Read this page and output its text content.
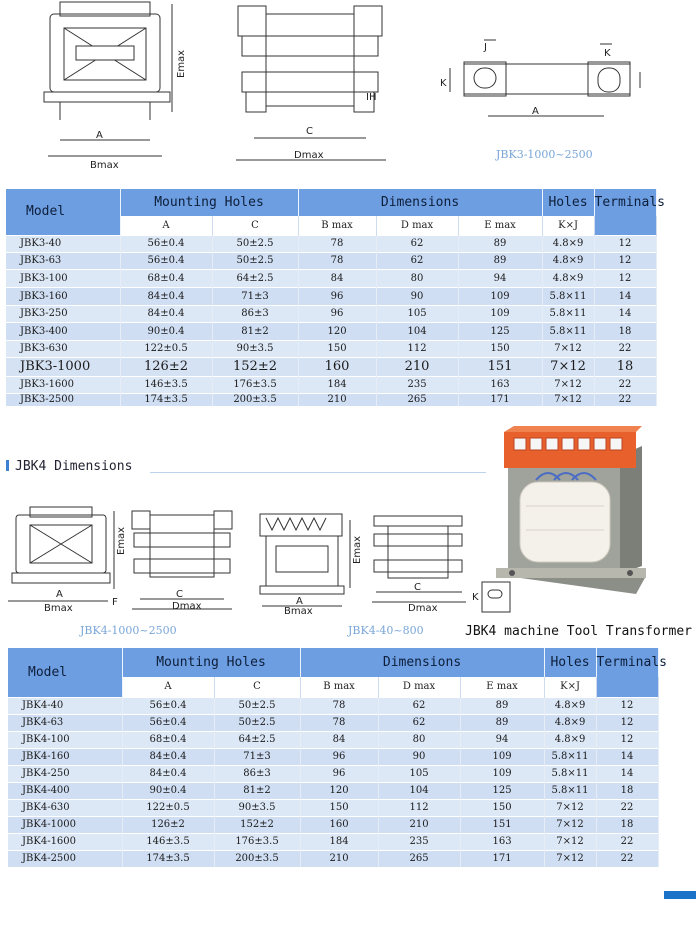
A
Bmax
Emax
IH
C
Dmax
J
K
A
K
JBK3-1000~2500
Model	Mounting Holes		Dimensions			Holes	Terminals
	A	C	B max	D max	E max	K×J	
JBK3-40	56±0.4	50±2.5	78	62	89	4.8×9	12
JBK3-63	56±0.4	50±2.5	78	62	89	4.8×9	12
JBK3-100	68±0.4	64±2.5	84	80	94	4.8×9	12
JBK3-160	84±0.4	71±3	96	90	109	5.8×11	14
JBK3-250	84±0.4	86±3	96	105	109	5.8×11	14
JBK3-400	90±0.4	81±2	120	104	125	5.8×11	18
JBK3-630	122±0.5	90±3.5	150	112	150	7×12	22
JBK3-1000	126±2	152±2	160	210	151	7×12	18
JBK3-1600	146±3.5	176±3.5	184	235	163	7×12	22
JBK3-2500	174±3.5	200±3.5	210	265	171	7×12	22
JBK4 Dimensions
Emax
A
Bmax
F
C
Dmax
Emax
A
Bmax
C
Dmax
K
JBK4-1000~2500	JBK4-40~800	JBK4 machine Tool Transformer
Model	Mounting Holes		Dimensions			Holes	Terminals
	A	C	B max	D max	E max	K×J	
JBK4-40	56±0.4	50±2.5	78	62	89	4.8×9	12
JBK4-63	56±0.4	50±2.5	78	62	89	4.8×9	12
JBK4-100	68±0.4	64±2.5	84	80	94	4.8×9	12
JBK4-160	84±0.4	71±3	96	90	109	5.8×11	14
JBK4-250	84±0.4	86±3	96	105	109	5.8×11	14
JBK4-400	90±0.4	81±2	120	104	125	5.8×11	18
JBK4-630	122±0.5	90±3.5	150	112	150	7×12	22
JBK4-1000	126±2	152±2	160	210	151	7×12	18
JBK4-1600	146±3.5	176±3.5	184	235	163	7×12	22
JBK4-2500	174±3.5	200±3.5	210	265	171	7×12	22
